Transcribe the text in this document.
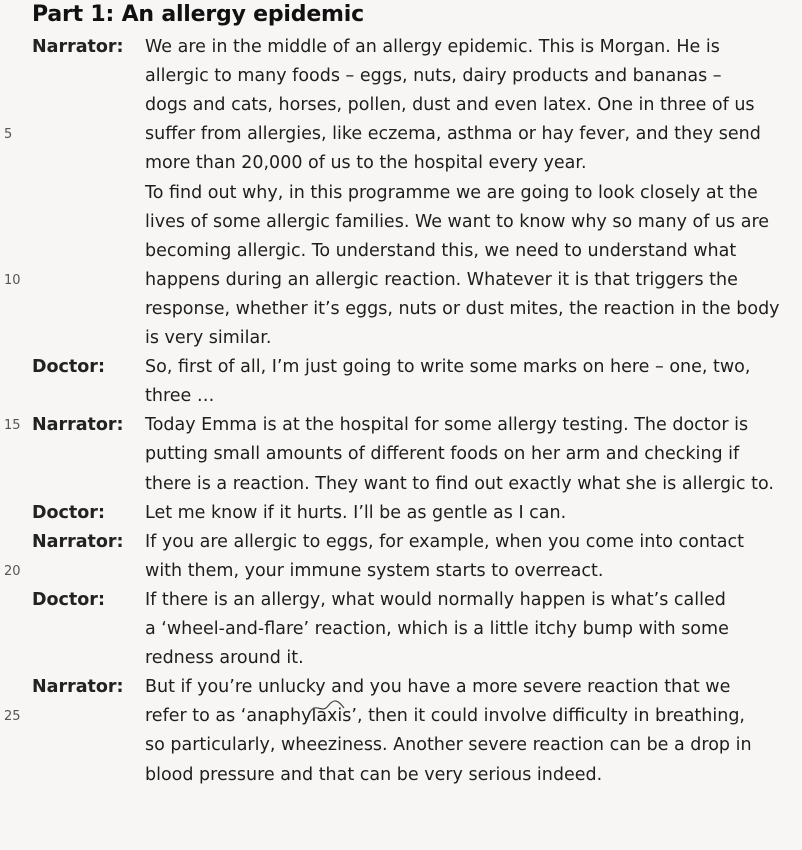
Part 1: An allergy epidemic
Narrator: We are in the middle of an allergy epidemic. This is Morgan. He is
allergic to many foods – eggs, nuts, dairy products and bananas –
dogs and cats, horses, pollen, dust and even latex. One in three of us
5	suffer from allergies, like eczema, asthma or hay fever, and they send
more than 20,000 of us to the hospital every year.
To find out why, in this programme we are going to look closely at the
lives of some allergic families. We want to know why so many of us are
becoming allergic. To understand this, we need to understand what
10	happens during an allergic reaction. Whatever it is that triggers the
response, whether it’s eggs, nuts or dust mites, the reaction in the body
is very similar.
Doctor: So, first of all, I’m just going to write some marks on here – one, two,
three …
15 Narrator: Today Emma is at the hospital for some allergy testing. The doctor is
putting small amounts of different foods on her arm and checking if
there is a reaction. They want to find out exactly what she is allergic to.
Doctor: Let me know if it hurts. I’ll be as gentle as I can.
Narrator: If you are allergic to eggs, for example, when you come into contact
20	with them, your immune system starts to overreact.
Doctor: If there is an allergy, what would normally happen is what’s called
a ‘wheel-and-flare’ reaction, which is a little itchy bump with some
redness around it.
Narrator: But if you’re unlucky and you have a more severe reaction that we
25	refer to as ‘anaphylaxis’, then it could involve difficulty in breathing,
so particularly, wheeziness. Another severe reaction can be a drop in
blood pressure and that can be very serious indeed.
